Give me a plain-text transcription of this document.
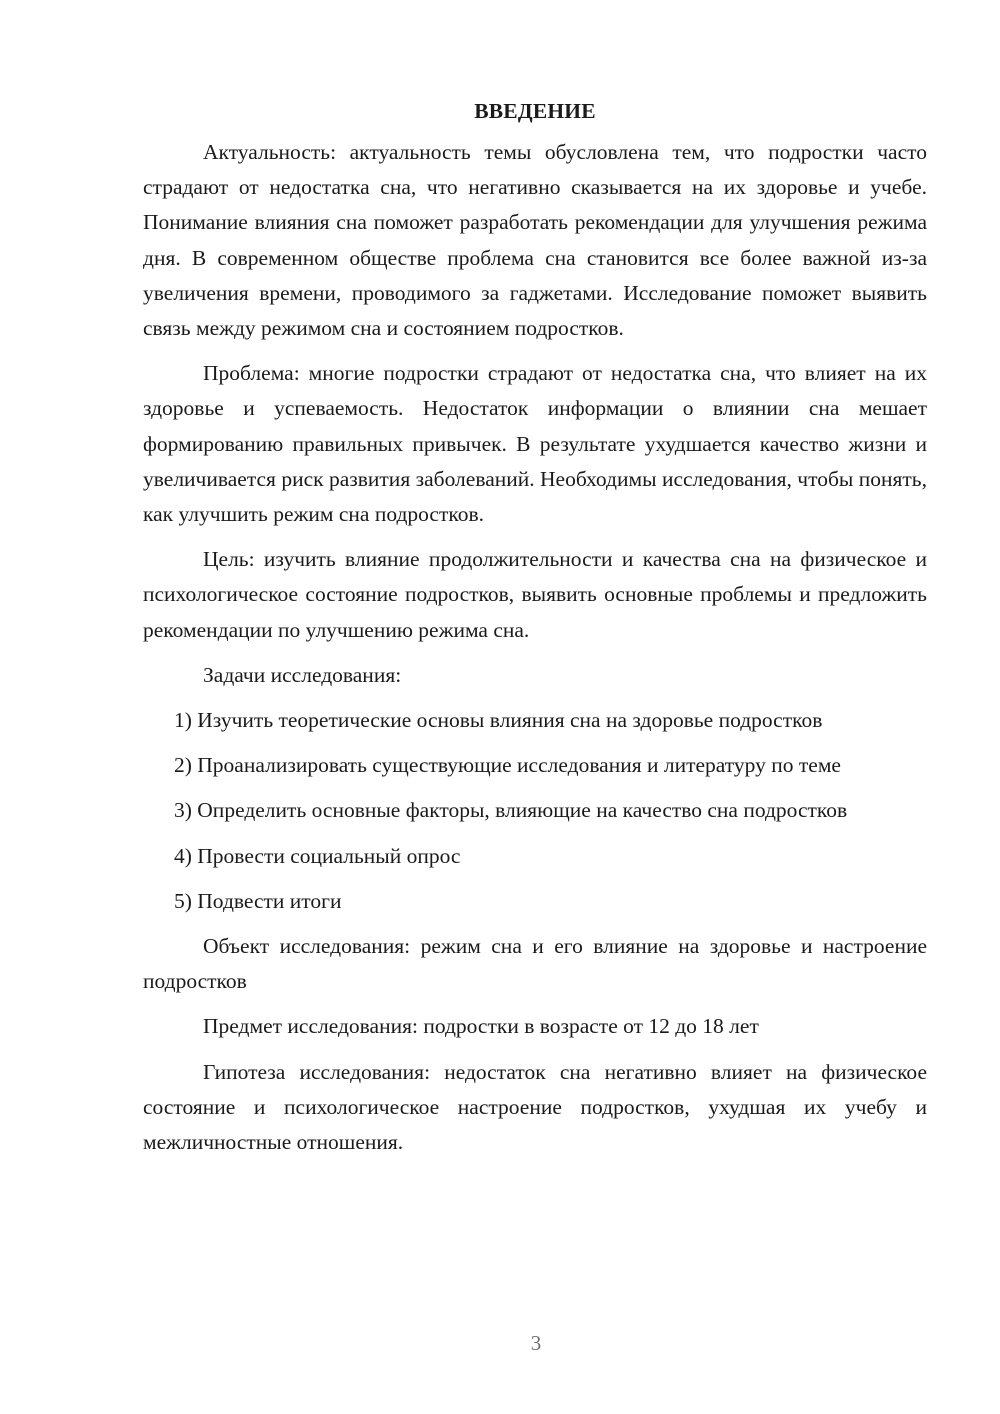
ВВЕДЕНИЕ

Актуальность: актуальность темы обусловлена тем, что подростки часто страдают от недостатка сна, что негативно сказывается на их здоровье и учебе. Понимание влияния сна поможет разработать рекомендации для улучшения режима дня. В современном обществе проблема сна становится все более важной из-за увеличения времени, проводимого за гаджетами. Исследование поможет выявить связь между режимом сна и состоянием подростков.

Проблема: многие подростки страдают от недостатка сна, что влияет на их здоровье и успеваемость. Недостаток информации о влиянии сна мешает формированию правильных привычек. В результате ухудшается качество жизни и увеличивается риск развития заболеваний. Необходимы исследования, чтобы понять, как улучшить режим сна подростков.

Цель: изучить влияние продолжительности и качества сна на физическое и психологическое состояние подростков, выявить основные проблемы и предложить рекомендации по улучшению режима сна.

Задачи исследования:

1) Изучить теоретические основы влияния сна на здоровье подростков

2) Проанализировать существующие исследования и литературу по теме

3) Определить основные факторы, влияющие на качество сна подростков

4) Провести социальный опрос

5) Подвести итоги

Объект исследования: режим сна и его влияние на здоровье и настроение подростков

Предмет исследования: подростки в возрасте от 12 до 18 лет

Гипотеза исследования: недостаток сна негативно влияет на физическое состояние и психологическое настроение подростков, ухудшая их учебу и межличностные отношения.

3
